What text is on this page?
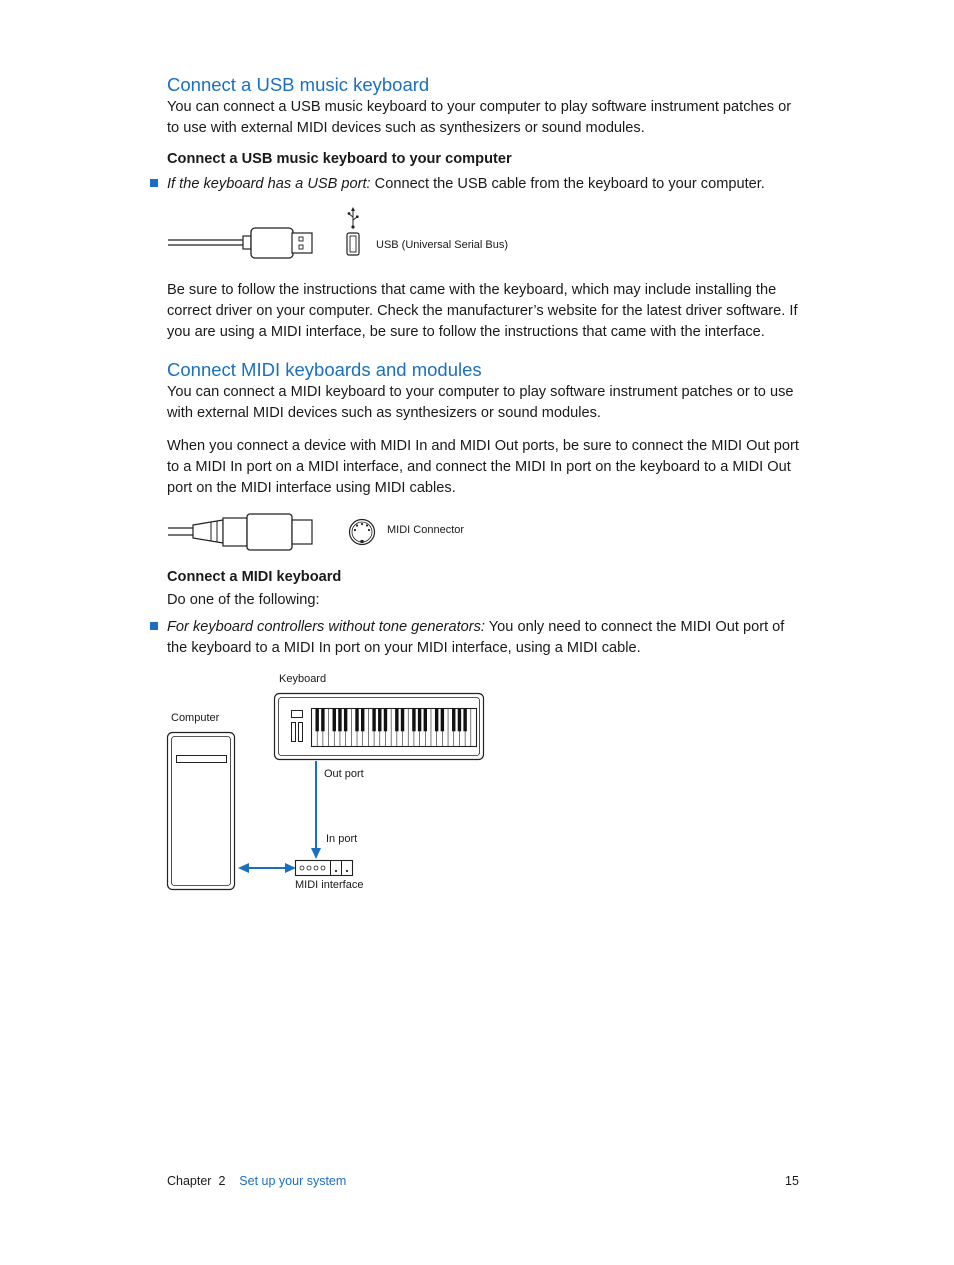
Connect a USB music keyboard

You can connect a USB music keyboard to your computer to play software instrument patches or to use with external MIDI devices such as synthesizers or sound modules.

Connect a USB music keyboard to your computer

If the keyboard has a USB port: Connect the USB cable from the keyboard to your computer.

USB (Universal Serial Bus)

Be sure to follow the instructions that came with the keyboard, which may include installing the correct driver on your computer. Check the manufacturer’s website for the latest driver software. If you are using a MIDI interface, be sure to follow the instructions that came with the interface.

Connect MIDI keyboards and modules

You can connect a MIDI keyboard to your computer to play software instrument patches or to use with external MIDI devices such as synthesizers or sound modules.

When you connect a device with MIDI In and MIDI Out ports, be sure to connect the MIDI Out port to a MIDI In port on a MIDI interface, and connect the MIDI In port on the keyboard to a MIDI Out port on the MIDI interface using MIDI cables.

MIDI Connector
Connect a MIDI keyboard

Do one of the following:

For keyboard controllers without tone generators: You only need to connect the MIDI Out port of the keyboard to a MIDI In port on your MIDI interface, using a MIDI cable.

Keyboard
Computer
Out port
In port
MIDI interface
Chapter 2 Set up your system	15
